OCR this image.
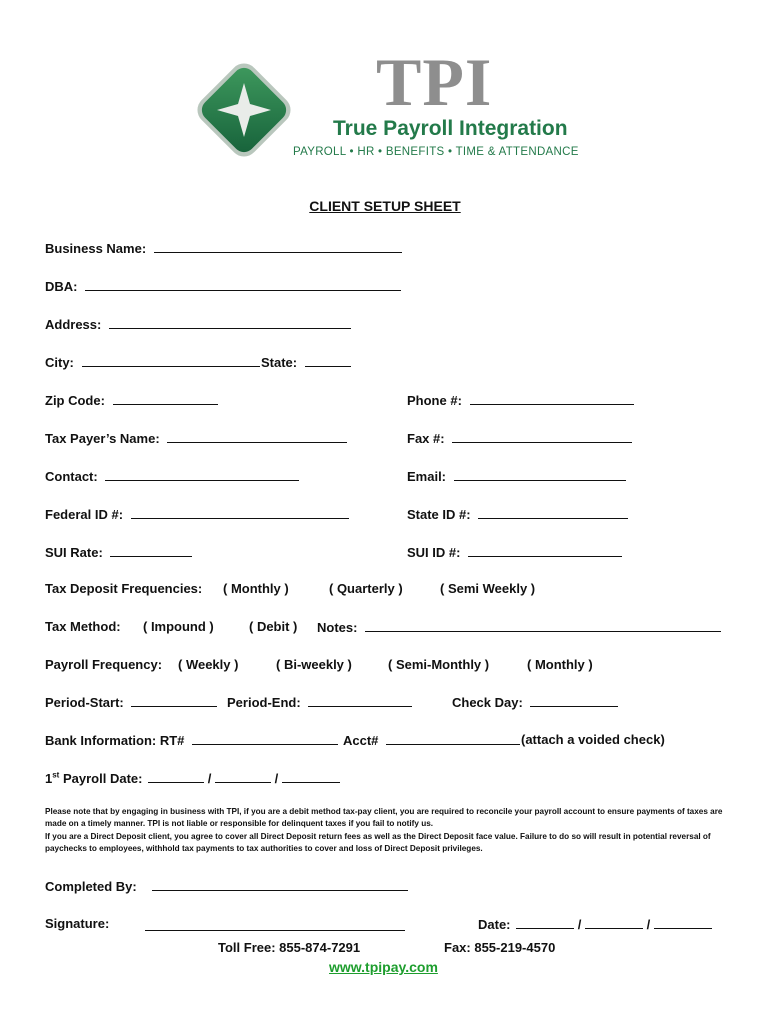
TPI
True Payroll Integration
PAYROLL • HR • BENEFITS • TIME & ATTENDANCE
CLIENT SETUP SHEET
Business Name:
DBA:
Address:
City:	State:
Zip Code:	Phone #:
Tax Payer’s Name:	Fax #:
Contact:	Email:
Federal ID #:	State ID #:
SUI Rate:	SUI ID #:
Tax Deposit Frequencies: ( Monthly )	( Quarterly )	( Semi Weekly )
Tax Method: ( Impound )	( Debit ) Notes:
Payroll Frequency: ( Weekly )	( Bi-weekly )	( Semi-Monthly )	( Monthly )
Period-Start:	Period-End:	Check Day:
Bank Information: RT#	Acct#	(attach a voided check)
1st Payroll Date:	/	/
Please note that by engaging in business with TPI, if you are a debit method tax-pay client, you are required to reconcile your payroll account to ensure payments of taxes are made on a timely manner. TPI is not liable or responsible for delinquent taxes if you fail to notify us.
If you are a Direct Deposit client, you agree to cover all Direct Deposit return fees as well as the Direct Deposit face value. Failure to do so will result in potential reversal of paychecks to employees, withhold tax payments to tax authorities to cover and loss of Direct Deposit privileges.
Completed By:
Signature:	Date:	/	/
Toll Free: 855-874-7291	Fax: 855-219-4570
www.tpipay.com
